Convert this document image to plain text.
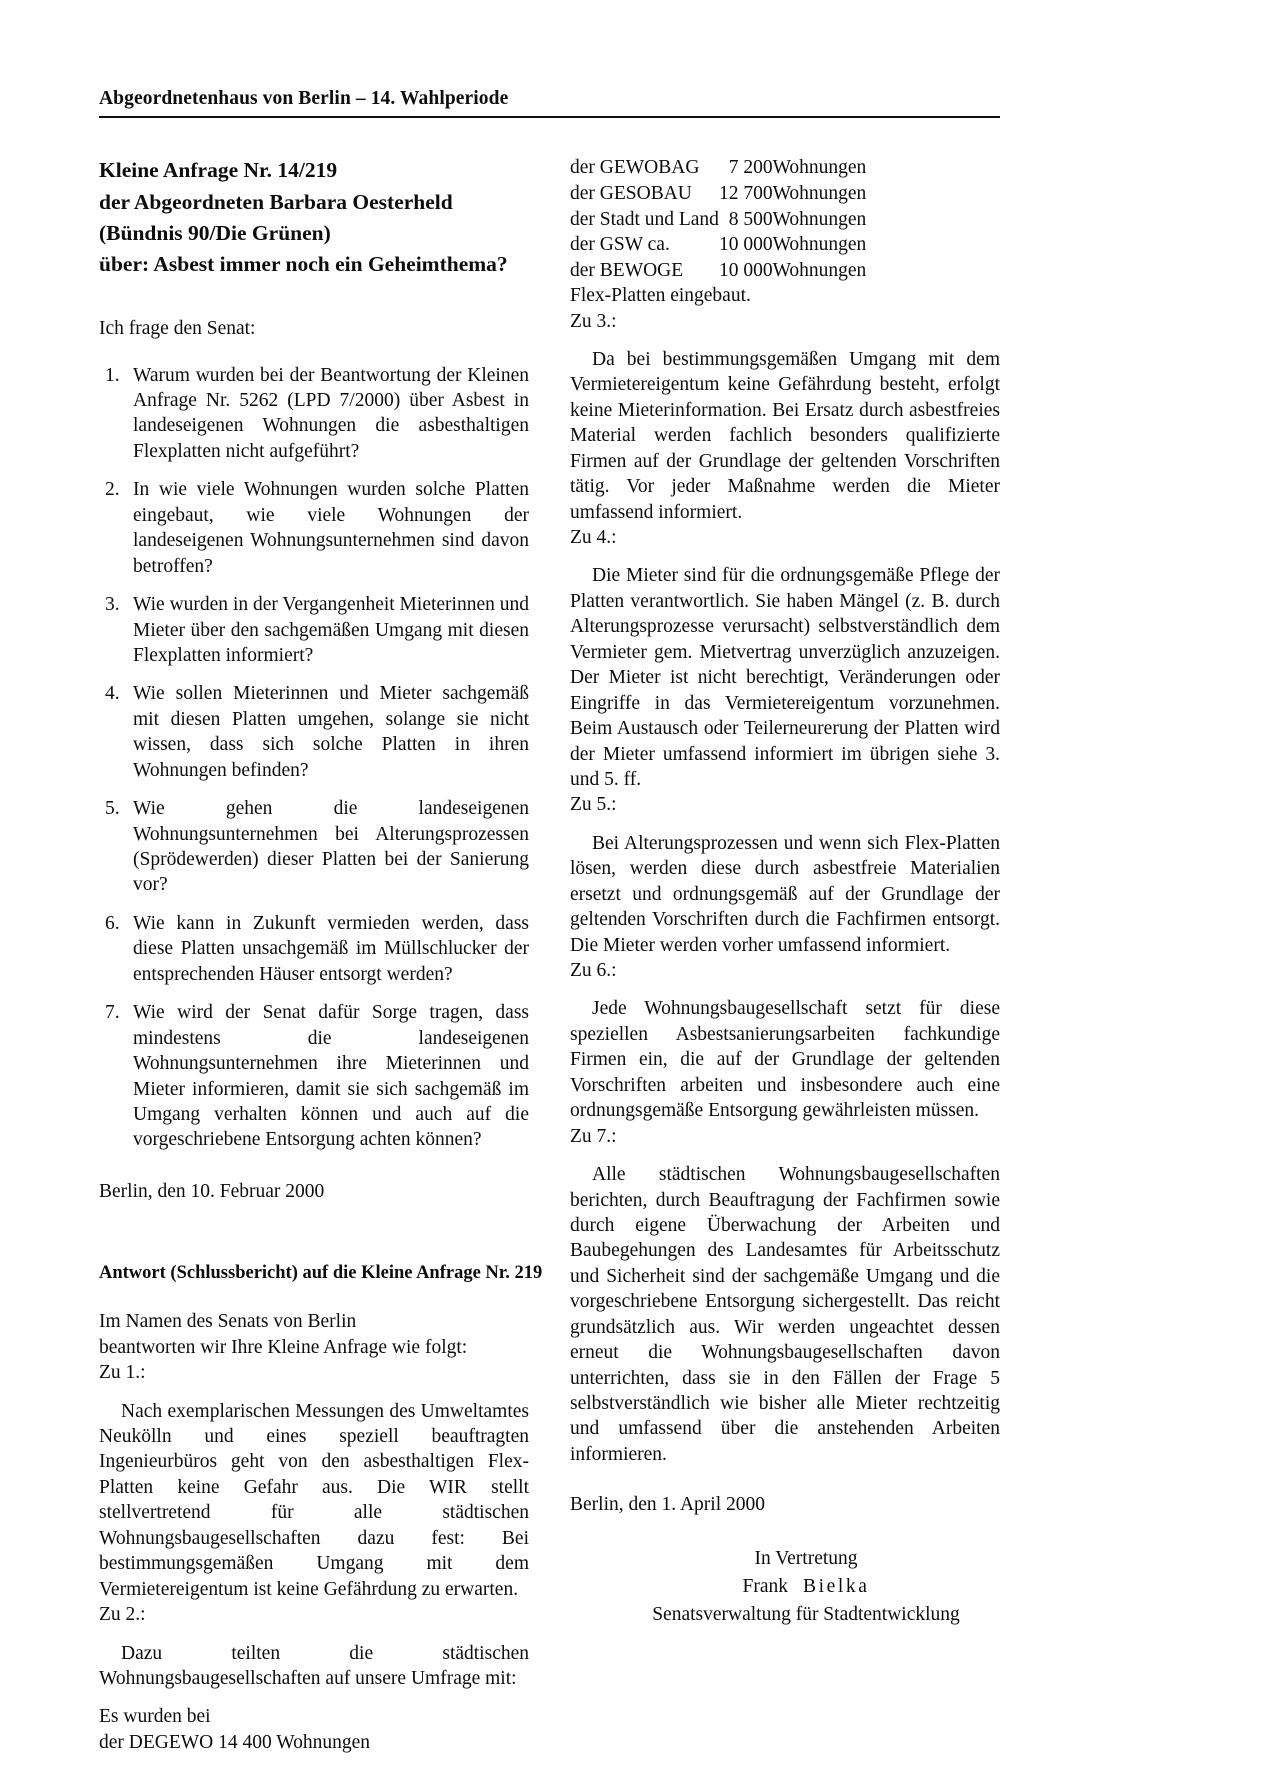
Abgeordnetenhaus von Berlin – 14. Wahlperiode
Kleine Anfrage Nr. 14/219
der Abgeordneten Barbara Oesterheld
(Bündnis 90/Die Grünen)
über: Asbest immer noch ein Geheimthema?

Ich frage den Senat:

Warum wurden bei der Beantwortung der Kleinen Anfrage Nr. 5262 (LPD 7/2000) über Asbest in landeseigenen Wohnungen die asbesthaltigen Flexplatten nicht aufgeführt?
In wie viele Wohnungen wurden solche Platten eingebaut, wie viele Wohnungen der landeseigenen Wohnungsunternehmen sind davon betroffen?
Wie wurden in der Vergangenheit Mieterinnen und Mieter über den sachgemäßen Umgang mit diesen Flexplatten informiert?
Wie sollen Mieterinnen und Mieter sachgemäß mit diesen Platten umgehen, solange sie nicht wissen, dass sich solche Platten in ihren Wohnungen befinden?
Wie gehen die landeseigenen Wohnungsunternehmen bei Alterungsprozessen (Sprödewerden) dieser Platten bei der Sanierung vor?
Wie kann in Zukunft vermieden werden, dass diese Platten unsachgemäß im Müllschlucker der entsprechenden Häuser entsorgt werden?
Wie wird der Senat dafür Sorge tragen, dass mindestens die landeseigenen Wohnungsunternehmen ihre Mieterinnen und Mieter informieren, damit sie sich sachgemäß im Umgang verhalten können und auch auf die vorgeschriebene Entsorgung achten können?

Berlin, den 10. Februar 2000

Antwort (Schlussbericht) auf die Kleine Anfrage Nr. 219

Im Namen des Senats von Berlin

beantworten wir Ihre Kleine Anfrage wie folgt:

Zu 1.:

Nach exemplarischen Messungen des Umweltamtes Neukölln und eines speziell beauftragten Ingenieurbüros geht von den asbesthaltigen Flex-Platten keine Gefahr aus. Die WIR stellt stellvertretend für alle städtischen Wohnungsbaugesellschaften dazu fest: Bei bestimmungsgemäßen Umgang mit dem Vermietereigentum ist keine Gefährdung zu erwarten.

Zu 2.:

Dazu teilten die städtischen Wohnungsbaugesellschaften auf unsere Umfrage mit:

Es wurden bei

der DEGEWO 14 400 Wohnungen

der GEWOBAG	7 200	Wohnungen
der GESOBAU	12 700	Wohnungen
der Stadt und Land	8 500	Wohnungen
der GSW ca.	10 000	Wohnungen
der BEWOGE	10 000	Wohnungen

Flex-Platten eingebaut.

Zu 3.:

Da bei bestimmungsgemäßen Umgang mit dem Vermietereigentum keine Gefährdung besteht, erfolgt keine Mieterinformation. Bei Ersatz durch asbestfreies Material werden fachlich besonders qualifizierte Firmen auf der Grundlage der geltenden Vorschriften tätig. Vor jeder Maßnahme werden die Mieter umfassend informiert.

Zu 4.:

Die Mieter sind für die ordnungsgemäße Pflege der Platten verantwortlich. Sie haben Mängel (z. B. durch Alterungsprozesse verursacht) selbstverständlich dem Vermieter gem. Mietvertrag unverzüglich anzuzeigen. Der Mieter ist nicht berechtigt, Veränderungen oder Eingriffe in das Vermietereigentum vorzunehmen. Beim Austausch oder Teilerneurerung der Platten wird der Mieter umfassend informiert im übrigen siehe 3. und 5. ff.

Zu 5.:

Bei Alterungsprozessen und wenn sich Flex-Platten lösen, werden diese durch asbestfreie Materialien ersetzt und ordnungsgemäß auf der Grundlage der geltenden Vorschriften durch die Fachfirmen entsorgt. Die Mieter werden vorher umfassend informiert.

Zu 6.:

Jede Wohnungsbaugesellschaft setzt für diese speziellen Asbestsanierungsarbeiten fachkundige Firmen ein, die auf der Grundlage der geltenden Vorschriften arbeiten und insbesondere auch eine ordnungsgemäße Entsorgung gewährleisten müssen.

Zu 7.:

Alle städtischen Wohnungsbaugesellschaften berichten, durch Beauftragung der Fachfirmen sowie durch eigene Überwachung der Arbeiten und Baubegehungen des Landesamtes für Arbeitsschutz und Sicherheit sind der sachgemäße Umgang und die vorgeschriebene Entsorgung sichergestellt. Das reicht grundsätzlich aus. Wir werden ungeachtet dessen erneut die Wohnungsbaugesellschaften davon unterrichten, dass sie in den Fällen der Frage 5 selbstverständlich wie bisher alle Mieter rechtzeitig und umfassend über die anstehenden Arbeiten informieren.

Berlin, den 1. April 2000

In Vertretung
Frank Bielka
Senatsverwaltung für Stadtentwicklung
